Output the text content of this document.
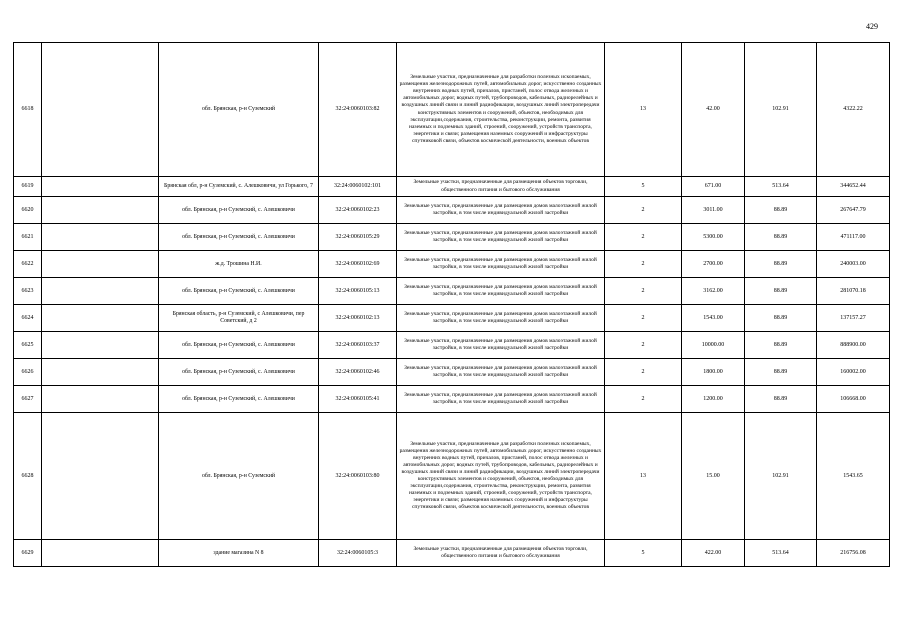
429
6618		обл. Брянская, р-н Суземский	32:24:0060103:82	Земельные участки, предназначенные для разработки полезных ископаемых, размещения железнодорожных путей, автомобильных дорог, искусственно созданных внутренних водных путей, причалов, пристаней, полос отвода железных и автомобильных дорог, водных путей, трубопроводов, кабельных, радиорелейных и воздушных линий связи и линий радиофикации, воздушных линий электропередачи конструктивных элементов и сооружений, объектов, необходимых для эксплуатации,содержания, строительства, реконструкции, ремонта, развития наземных и подземных зданий, строений, сооружений, устройств транспорта, энергетики и связи; размещения наземных сооружений и инфраструктуры спутниковой связи, объектов космической деятельности, военных объектов	13	42.00	102.91	4322.22
6619		Брянская обл, р-н Суземский, с. Алешковичи, ул Горького, 7	32:24:0060102:101	Земельные участки, предназначенные для размещения объектов торговли, общественного питания и бытового обслуживания	5	671.00	513.64	344652.44
6620		обл. Брянская, р-н Суземский, с. Алешковичи	32:24:0060102:23	Земельные участки, предназначенные для размещения домов малоэтажной жилой застройки, в том числе индивидуальной жилой застройки	2	3011.00	88.89	267647.79
6621		обл. Брянская, р-н Суземский, с. Алешковичи	32:24:0060105:29	Земельные участки, предназначенные для размещения домов малоэтажной жилой застройки, в том числе индивидуальной жилой застройки	2	5300.00	88.89	471117.00
6622		ж.д. Трошина Н.И.	32:24:0060102:69	Земельные участки, предназначенные для размещения домов малоэтажной жилой застройки, в том числе индивидуальной жилой застройки	2	2700.00	88.89	240003.00
6623		обл. Брянская, р-н Суземский, с. Алешковичи	32:24:0060105:13	Земельные участки, предназначенные для размещения домов малоэтажной жилой застройки, в том числе индивидуальной жилой застройки	2	3162.00	88.89	281070.18
6624		Брянская область, р-н Суземский, с Алешковичи, пер Советский, д 2	32:24:0060102:13	Земельные участки, предназначенные для размещения домов малоэтажной жилой застройки, в том числе индивидуальной жилой застройки	2	1543.00	88.89	137157.27
6625		обл. Брянская, р-н Суземский, с. Алешковичи	32:24:0060103:37	Земельные участки, предназначенные для размещения домов малоэтажной жилой застройки, в том числе индивидуальной жилой застройки	2	10000.00	88.89	888900.00
6626		обл. Брянская, р-н Суземский, с. Алешковичи	32:24:0060102:46	Земельные участки, предназначенные для размещения домов малоэтажной жилой застройки, в том числе индивидуальной жилой застройки	2	1800.00	88.89	160002.00
6627		обл. Брянская, р-н Суземский, с. Алешковичи	32:24:0060105:41	Земельные участки, предназначенные для размещения домов малоэтажной жилой застройки, в том числе индивидуальной жилой застройки	2	1200.00	88.89	106668.00
6628		обл. Брянская, р-н Суземский	32:24:0060103:80	Земельные участки, предназначенные для разработки полезных ископаемых, размещения железнодорожных путей, автомобильных дорог, искусственно созданных внутренних водных путей, причалов, пристаней, полос отвода железных и автомобильных дорог, водных путей, трубопроводов, кабельных, радиорелейных и воздушных линий связи и линий радиофикации, воздушных линий электропередачи конструктивных элементов и сооружений, объектов, необходимых для эксплуатации,содержания, строительства, реконструкции, ремонта, развития наземных и подземных зданий, строений, сооружений, устройств транспорта, энергетики и связи; размещения наземных сооружений и инфраструктуры спутниковой связи, объектов космической деятельности, военных объектов	13	15.00	102.91	1543.65
6629		здание магазина N 8	32:24:0060105:3	Земельные участки, предназначенные для размещения объектов торговли, общественного питания и бытового обслуживания	5	422.00	513.64	216756.08
